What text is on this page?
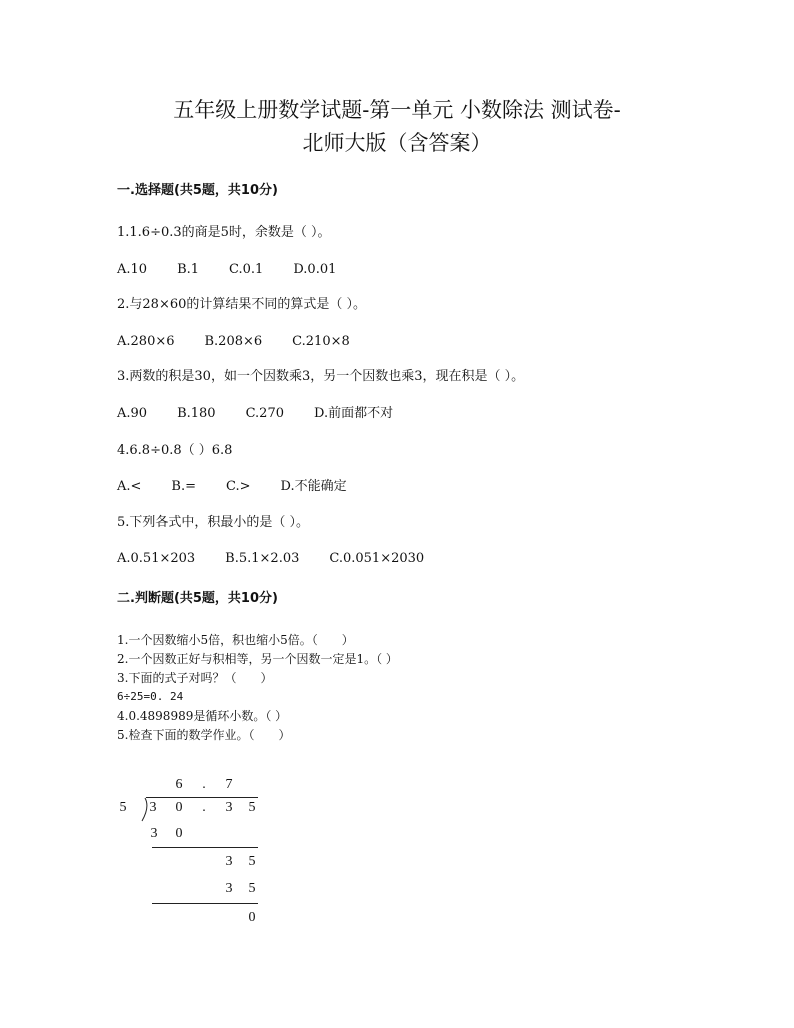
五年级上册数学试题-第一单元 小数除法 测试卷-
北师大版（含答案）
一.选择题(共5题，共10分)
1.1.6÷0.3的商是5时，余数是（ ）。
A.10 B.1 C.0.1 D.0.01
2.与28×60的计算结果不同的算式是（ ）。
A.280×6 B.208×6 C.210×8
3.两数的积是30，如一个因数乘3，另一个因数也乘3，现在积是（ ）。
A.90 B.180 C.270 D.前面都不对
4.6.8÷0.8（ ）6.8
A.< B.= C.> D.不能确定
5.下列各式中，积最小的是（ ）。
A.0.51×203 B.5.1×2.03 C.0.051×2030
二.判断题(共5题，共10分)
1.一个因数缩小5倍，积也缩小5倍。（　　）
2.一个因数正好与积相等，另一个因数一定是1。（ ）
3.下面的式子对吗？（　　）
6÷25=0. 24
4.0.4898989是循环小数。（ ）
5.检查下面的数学作业。（　　）
6	.	7
5 3 0	.	3 5
3 0
3 5
3 5
0
